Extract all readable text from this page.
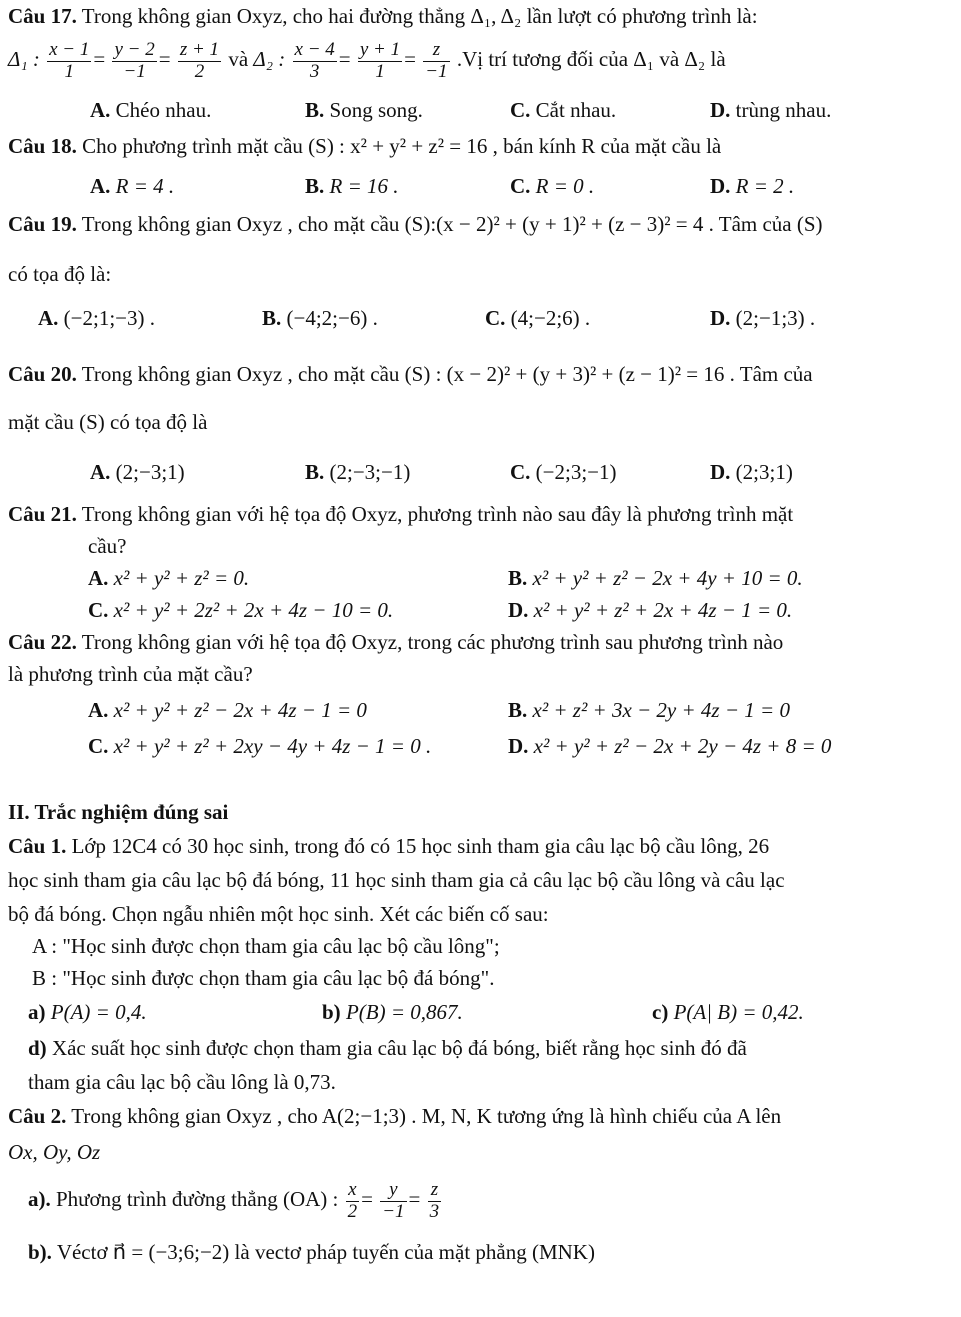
Câu 17. Trong không gian Oxyz, cho hai đường thẳng Δ₁, Δ₂ lần lượt có phương trình là:
Δ₁ : $\frac{x - 1}{1} = \frac{y - 2}{-1} = \frac{z + 1}{2}$ và Δ₂ : $\frac{x - 4}{3} = \frac{y + 1}{1} = \frac{z}{-1}$ .Vị trí tương đối của Δ₁ và Δ₂ là
A. Chéo nhau.	B. Song song.	C. Cắt nhau.	D. trùng nhau.
Câu 18. Cho phương trình mặt cầu (S) : x² + y² + z² = 16 , bán kính R của mặt cầu là
A. R = 4 .	B. R = 16 .	C. R = 0 .	D. R = 2 .
Câu 19. Trong không gian Oxyz , cho mặt cầu (S):(x − 2)² + (y + 1)² + (z − 3)² = 4 . Tâm của (S)
có tọa độ là:
A. (−2;1;−3) .	B. (−4;2;−6) .	C. (4;−2;6) .	D. (2;−1;3) .
Câu 20. Trong không gian Oxyz , cho mặt cầu (S) : (x − 2)² + (y + 3)² + (z − 1)² = 16 . Tâm của
mặt cầu (S) có tọa độ là
A. (2;−3;1)	B. (2;−3;−1)	C. (−2;3;−1)	D. (2;3;1)
Câu 21. Trong không gian với hệ tọa độ Oxyz, phương trình nào sau đây là phương trình mặt
cầu?
A. x² + y² + z² = 0.	B. x² + y² + z² − 2x + 4y + 10 = 0.
C. x² + y² + 2z² + 2x + 4z − 10 = 0.	D. x² + y² + z² + 2x + 4z − 1 = 0.
Câu 22. Trong không gian với hệ tọa độ Oxyz, trong các phương trình sau phương trình nào
là phương trình của mặt cầu?
A. x² + y² + z² − 2x + 4z − 1 = 0	B. x² + z² + 3x − 2y + 4z − 1 = 0
C. x² + y² + z² + 2xy − 4y + 4z − 1 = 0 .	D. x² + y² + z² − 2x + 2y − 4z + 8 = 0
II. Trắc nghiệm đúng sai
Câu 1. Lớp 12C4 có 30 học sinh, trong đó có 15 học sinh tham gia câu lạc bộ cầu lông, 26
học sinh tham gia câu lạc bộ đá bóng, 11 học sinh tham gia cả câu lạc bộ cầu lông và câu lạc
bộ đá bóng. Chọn ngẫu nhiên một học sinh. Xét các biến cố sau:
A : "Học sinh được chọn tham gia câu lạc bộ cầu lông";
B : "Học sinh được chọn tham gia câu lạc bộ đá bóng".
a) P(A) = 0,4.	b) P(B) = 0,867.	c) P(A| B) = 0,42.
d) Xác suất học sinh được chọn tham gia câu lạc bộ đá bóng, biết rằng học sinh đó đã
tham gia câu lạc bộ cầu lông là 0,73.
Câu 2. Trong không gian Oxyz , cho A(2;−1;3) . M, N, K tương ứng là hình chiếu của A lên
Ox, Oy, Oz
a). Phương trình đường thẳng (OA) : $\frac{x}{2} = \frac{y}{-1} = \frac{z}{3}$
b). Véctơ n⃗ = (−3;6;−2) là vectơ pháp tuyến của mặt phẳng (MNK)
